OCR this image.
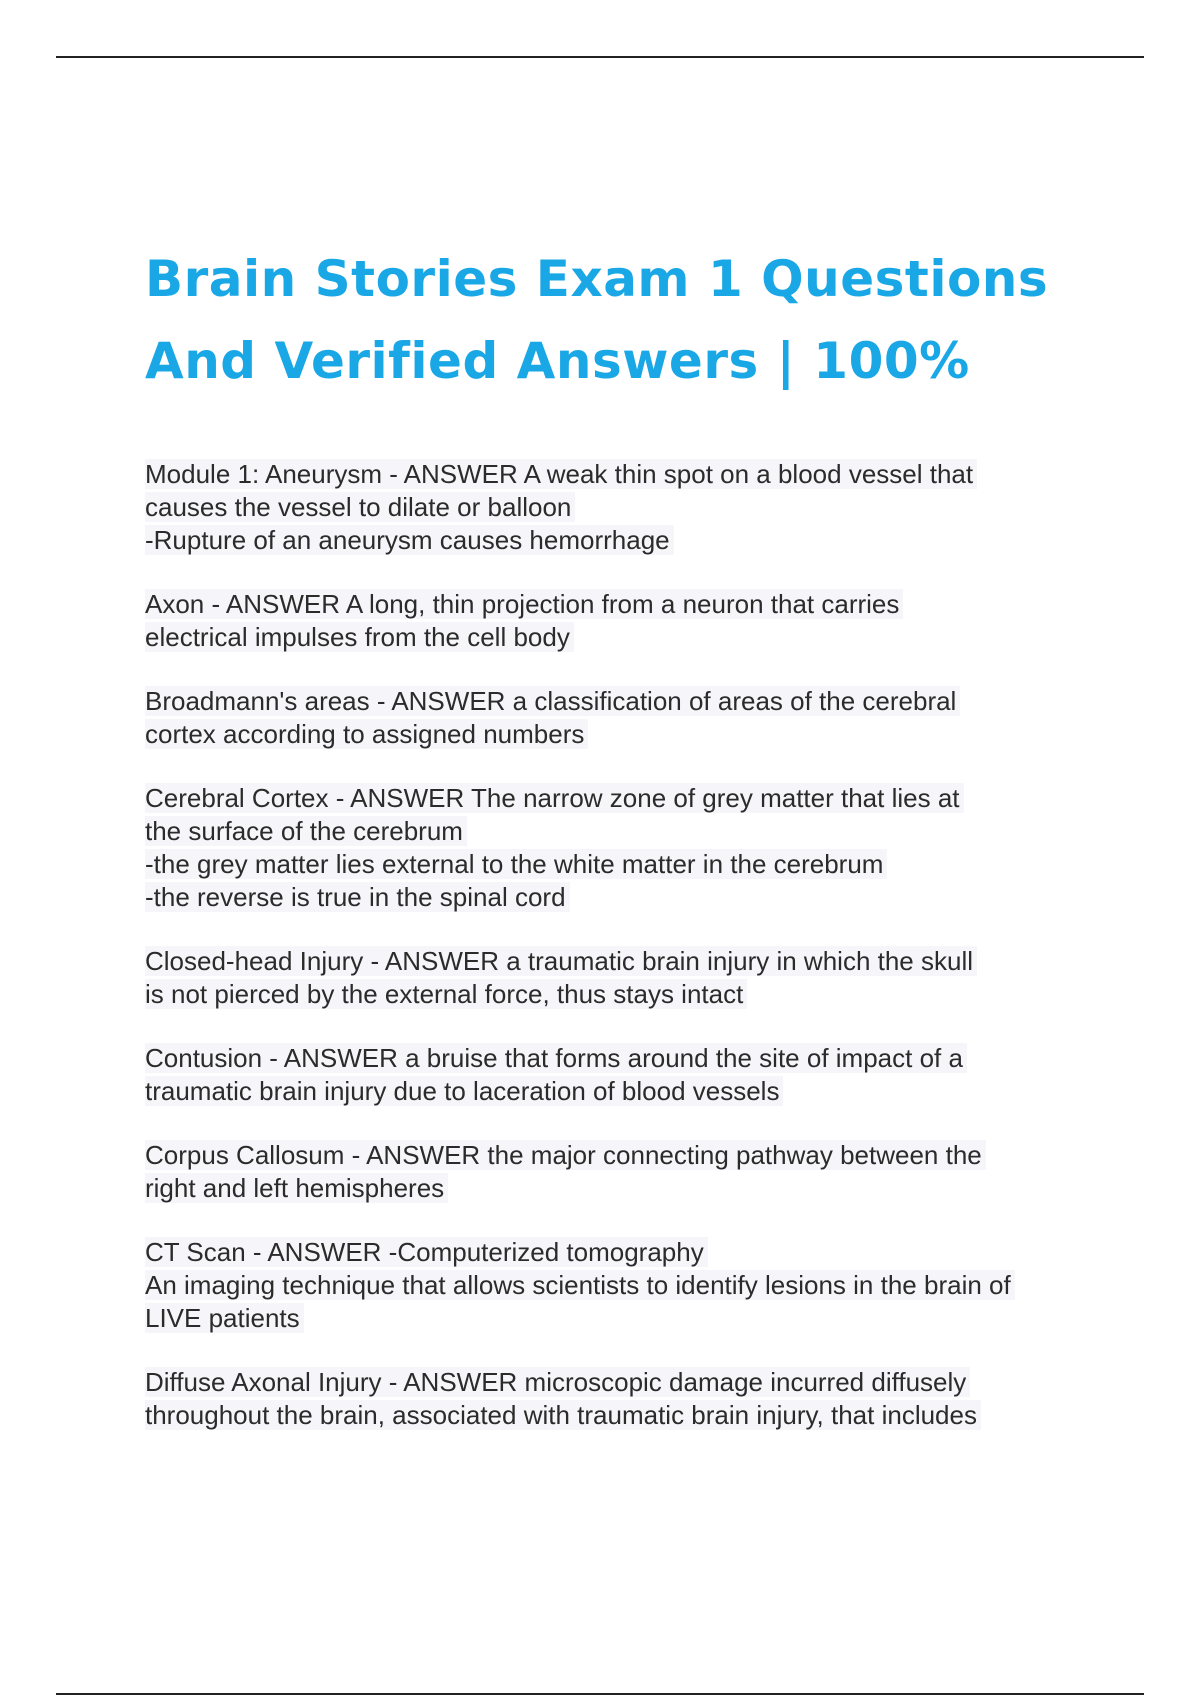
Brain Stories Exam 1 Questions
And Verified Answers | 100%
Module 1: Aneurysm - ANSWER A weak thin spot on a blood vessel that
causes the vessel to dilate or balloon
-Rupture of an aneurysm causes hemorrhage
Axon - ANSWER A long, thin projection from a neuron that carries
electrical impulses from the cell body
Broadmann's areas - ANSWER a classification of areas of the cerebral
cortex according to assigned numbers
Cerebral Cortex - ANSWER The narrow zone of grey matter that lies at
the surface of the cerebrum
-the grey matter lies external to the white matter in the cerebrum
-the reverse is true in the spinal cord
Closed-head Injury - ANSWER a traumatic brain injury in which the skull
is not pierced by the external force, thus stays intact
Contusion - ANSWER a bruise that forms around the site of impact of a
traumatic brain injury due to laceration of blood vessels
Corpus Callosum - ANSWER the major connecting pathway between the
right and left hemispheres
CT Scan - ANSWER -Computerized tomography
An imaging technique that allows scientists to identify lesions in the brain of
LIVE patients
Diffuse Axonal Injury - ANSWER microscopic damage incurred diffusely
throughout the brain, associated with traumatic brain injury, that includes
